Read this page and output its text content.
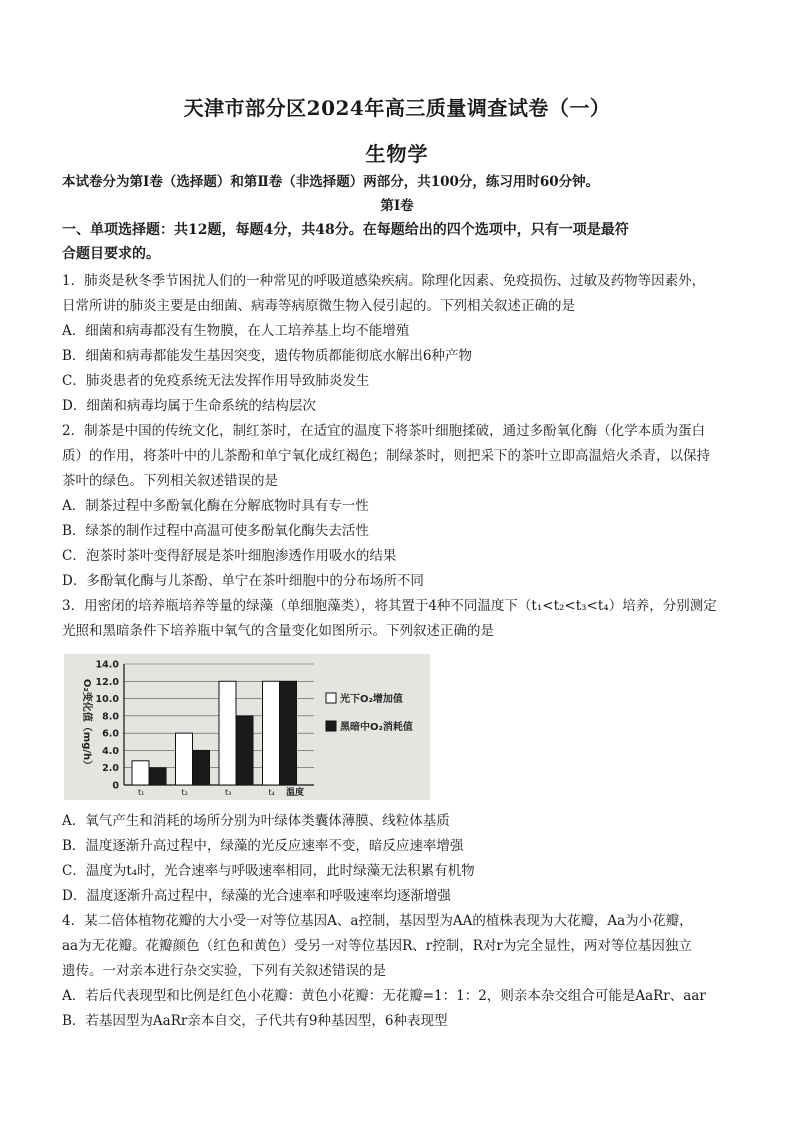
天津市部分区2024年高三质量调查试卷（一）
生物学
本试卷分为第Ⅰ卷（选择题）和第Ⅱ卷（非选择题）两部分，共100分，练习用时60分钟。
第Ⅰ卷
一、单项选择题：共12题，每题4分，共48分。在每题给出的四个选项中，只有一项是最符
合题目要求的。
1．肺炎是秋冬季节困扰人们的一种常见的呼吸道感染疾病。除理化因素、免疫损伤、过敏及药物等因素外，
日常所讲的肺炎主要是由细菌、病毒等病原微生物入侵引起的。下列相关叙述正确的是
A．细菌和病毒都没有生物膜，在人工培养基上均不能增殖
B．细菌和病毒都能发生基因突变，遗传物质都能彻底水解出6种产物
C．肺炎患者的免疫系统无法发挥作用导致肺炎发生
D．细菌和病毒均属于生命系统的结构层次
2．制茶是中国的传统文化，制红茶时，在适宜的温度下将茶叶细胞揉破，通过多酚氧化酶（化学本质为蛋白
质）的作用，将茶叶中的儿茶酚和单宁氧化成红褐色；制绿茶时，则把采下的茶叶立即高温焙火杀青，以保持
茶叶的绿色。下列相关叙述错误的是
A．制茶过程中多酚氧化酶在分解底物时具有专一性
B．绿茶的制作过程中高温可使多酚氧化酶失去活性
C．泡茶时茶叶变得舒展是茶叶细胞渗透作用吸水的结果
D．多酚氧化酶与儿茶酚、单宁在茶叶细胞中的分布场所不同
3．用密闭的培养瓶培养等量的绿藻（单细胞藻类），将其置于4种不同温度下（t₁<t₂<t₃<t₄）培养，分别测定
光照和黑暗条件下培养瓶中氧气的含量变化如图所示。下列叙述正确的是
0
2.0
4.0
6.0
8.0
10.0
12.0
14.0
O₂变化值（mg/h）
t₁	t₂	t₃	t₄ 温度
光下O₂增加值
黑暗中O₂消耗值
A．氧气产生和消耗的场所分别为叶绿体类囊体薄膜、线粒体基质
B．温度逐渐升高过程中，绿藻的光反应速率不变，暗反应速率增强
C．温度为t₄时，光合速率与呼吸速率相同，此时绿藻无法积累有机物
D．温度逐渐升高过程中，绿藻的光合速率和呼吸速率均逐渐增强
4．某二倍体植物花瓣的大小受一对等位基因A、a控制，基因型为AA的植株表现为大花瓣，Aa为小花瓣，
aa为无花瓣。花瓣颜色（红色和黄色）受另一对等位基因R、r控制，R对r为完全显性，两对等位基因独立
遗传。一对亲本进行杂交实验，下列有关叙述错误的是
A．若后代表现型和比例是红色小花瓣：黄色小花瓣：无花瓣=1：1：2，则亲本杂交组合可能是AaRr、aar
B．若基因型为AaRr亲本自交，子代共有9种基因型，6种表现型
